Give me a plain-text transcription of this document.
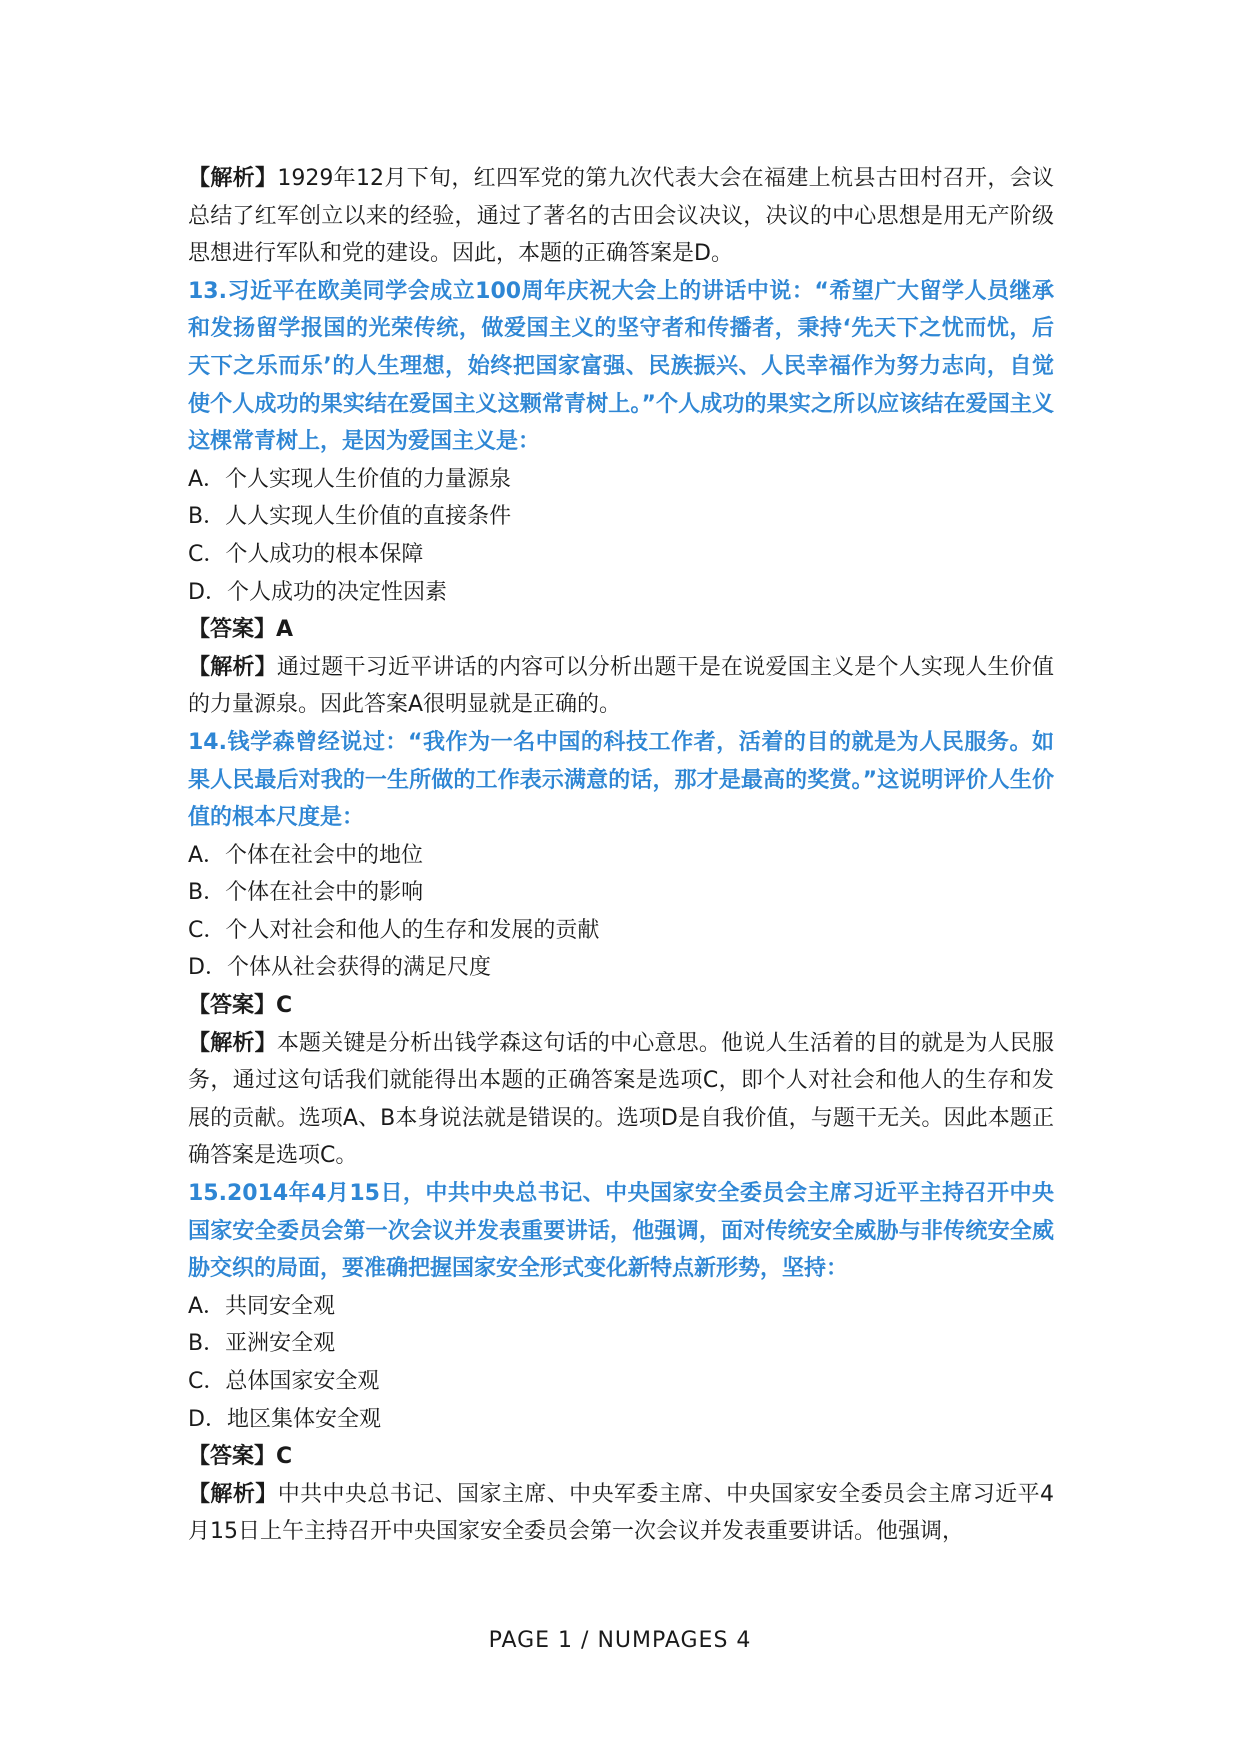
【解析】1929年12月下旬，红四军党的第九次代表大会在福建上杭县古田村召开，会议总结了红军创立以来的经验，通过了著名的古田会议决议，决议的中心思想是用无产阶级思想进行军队和党的建设。因此，本题的正确答案是D。

13.习近平在欧美同学会成立100周年庆祝大会上的讲话中说：“希望广大留学人员继承和发扬留学报国的光荣传统，做爱国主义的坚守者和传播者，秉持‘先天下之忧而忧，后天下之乐而乐’的人生理想，始终把国家富强、民族振兴、人民幸福作为努力志向，自觉使个人成功的果实结在爱国主义这颗常青树上。”个人成功的果实之所以应该结在爱国主义这棵常青树上，是因为爱国主义是：

A．个人实现人生价值的力量源泉

B．人人实现人生价值的直接条件

C．个人成功的根本保障

D．个人成功的决定性因素

【答案】A

【解析】通过题干习近平讲话的内容可以分析出题干是在说爱国主义是个人实现人生价值的力量源泉。因此答案A很明显就是正确的。

14.钱学森曾经说过：“我作为一名中国的科技工作者，活着的目的就是为人民服务。如果人民最后对我的一生所做的工作表示满意的话，那才是最高的奖赏。”这说明评价人生价值的根本尺度是：

A．个体在社会中的地位

B．个体在社会中的影响

C．个人对社会和他人的生存和发展的贡献

D．个体从社会获得的满足尺度

【答案】C

【解析】本题关键是分析出钱学森这句话的中心意思。他说人生活着的目的就是为人民服务，通过这句话我们就能得出本题的正确答案是选项C，即个人对社会和他人的生存和发展的贡献。选项A、B本身说法就是错误的。选项D是自我价值，与题干无关。因此本题正确答案是选项C。

15.2014年4月15日，中共中央总书记、中央国家安全委员会主席习近平主持召开中央国家安全委员会第一次会议并发表重要讲话，他强调，面对传统安全威胁与非传统安全威胁交织的局面，要准确把握国家安全形式变化新特点新形势，坚持：

A．共同安全观

B．亚洲安全观

C．总体国家安全观

D．地区集体安全观

【答案】C

【解析】中共中央总书记、国家主席、中央军委主席、中央国家安全委员会主席习近平4月15日上午主持召开中央国家安全委员会第一次会议并发表重要讲话。他强调，

PAGE 1 / NUMPAGES 4
